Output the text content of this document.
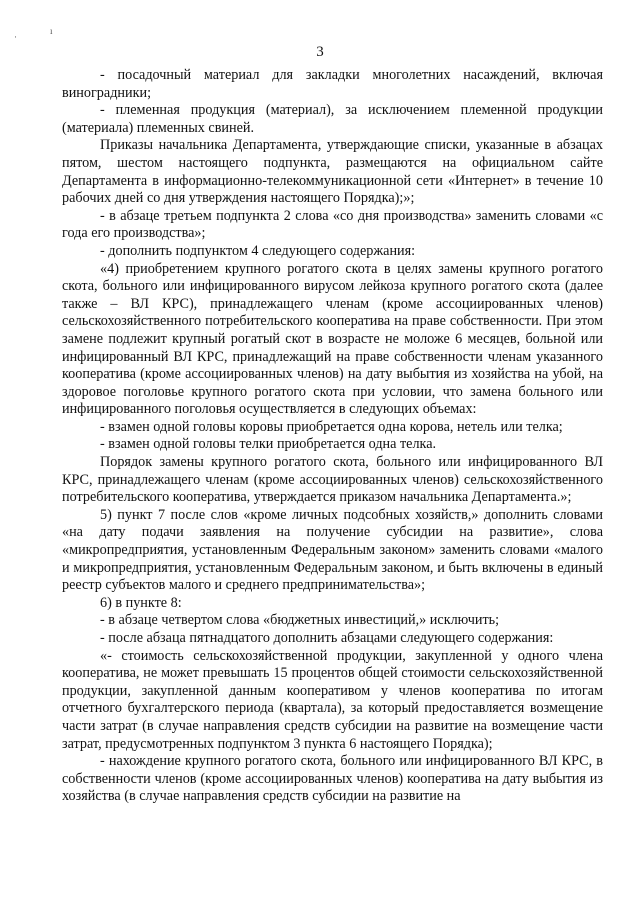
·
ı
3

- посадочный материал для закладки многолетних насаждений, включая виноградники;

- племенная продукция (материал), за исключением племенной продукции (материала) племенных свиней.

Приказы начальника Департамента, утверждающие списки, указанные в абзацах пятом, шестом настоящего подпункта, размещаются на официальном сайте Департамента в информационно-телекоммуникационной сети «Интернет» в течение 10 рабочих дней со дня утверждения настоящего Порядка);»;

- в абзаце третьем подпункта 2 слова «со дня производства» заменить словами «с года его производства»;

- дополнить подпунктом 4 следующего содержания:

«4) приобретением крупного рогатого скота в целях замены крупного рогатого скота, больного или инфицированного вирусом лейкоза крупного рогатого скота (далее также – ВЛ КРС), принадлежащего членам (кроме ассоциированных членов) сельскохозяйственного потребительского кооператива на праве собственности. При этом замене подлежит крупный рогатый скот в возрасте не моложе 6 месяцев, больной или инфицированный ВЛ КРС, принадлежащий на праве собственности членам указанного кооператива (кроме ассоциированных членов) на дату выбытия из хозяйства на убой, на здоровое поголовье крупного рогатого скота при условии, что замена больного или инфицированного поголовья осуществляется в следующих объемах:

- взамен одной головы коровы приобретается одна корова, нетель или телка;

- взамен одной головы телки приобретается одна телка.

Порядок замены крупного рогатого скота, больного или инфицированного ВЛ КРС, принадлежащего членам (кроме ассоциированных членов) сельскохозяйственного потребительского кооператива, утверждается приказом начальника Департамента.»;

5) пункт 7 после слов «кроме личных подсобных хозяйств,» дополнить словами «на дату подачи заявления на получение субсидии на развитие», слова «микропредприятия, установленным Федеральным законом» заменить словами «малого и микропредприятия, установленным Федеральным законом, и быть включены в единый реестр субъектов малого и среднего предпринимательства»;

6) в пункте 8:

- в абзаце четвертом слова «бюджетных инвестиций,» исключить;

- после абзаца пятнадцатого дополнить абзацами следующего содержания:

«- стоимость сельскохозяйственной продукции, закупленной у одного члена кооператива, не может превышать 15 процентов общей стоимости сельскохозяйственной продукции, закупленной данным кооперативом у членов кооператива по итогам отчетного бухгалтерского периода (квартала), за который предоставляется возмещение части затрат (в случае направления средств субсидии на развитие на возмещение части затрат, предусмотренных подпунктом 3 пункта 6 настоящего Порядка);

- нахождение крупного рогатого скота, больного или инфицированного ВЛ КРС, в собственности членов (кроме ассоциированных членов) кооператива на дату выбытия из хозяйства (в случае направления средств субсидии на развитие на
